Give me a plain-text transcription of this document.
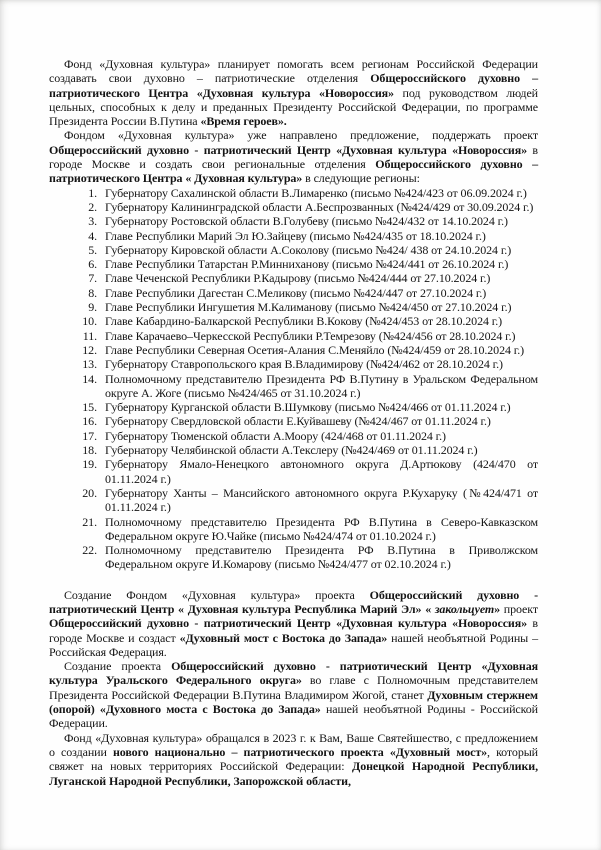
Фонд «Духовная культура» планирует помогать всем регионам Российской Федерации создавать свои духовно – патриотические отделения Общероссийского духовно – патриотического Центра «Духовная культура «Новороссия» под руководством людей цельных, способных к делу и преданных Президенту Российской Федерации, по программе Президента России В.Путина «Время героев».
Фондом «Духовная культура» уже направлено предложение, поддержать проект Общероссийский духовно - патриотический Центр «Духовная культура «Новороссия» в городе Москве и создать свои региональные отделения Общероссийского духовно – патриотического Центра « Духовная культура» в следующие регионы:
Губернатору Сахалинской области В.Лимаренко (письмо №424/423 от 06.09.2024 г.)
Губернатору Калининградской области А.Беспрозванных (№424/429 от 30.09.2024 г.)
Губернатору Ростовской области В.Голубеву (письмо №424/432 от 14.10.2024 г.)
Главе Республики Марий Эл Ю.Зайцеву (письмо №424/435 от 18.10.2024 г.)
Губернатору Кировской области А.Соколову (письмо №424/ 438 от 24.10.2024 г.)
Главе Республики Татарстан Р.Минниханову (письмо №424/441 от 26.10.2024 г.)
Главе Чеченской Республики Р.Кадырову (письмо №424/444 от 27.10.2024 г.)
Главе Республики Дагестан С.Меликову (письмо №424/447 от 27.10.2024 г.)
Главе Республики Ингушетия М.Калиманову (письмо №424/450 от 27.10.2024 г.)
Главе Кабардино-Балкарской Республики В.Кокову (№424/453 от 28.10.2024 г.)
Главе Карачаево–Черкесской Республики Р.Темрезову (№424/456 от 28.10.2024 г.)
Главе Республики Северная Осетия-Алания С.Меняйло (№424/459 от 28.10.2024 г.)
Губернатору Ставропольского края В.Владимирову (№424/462 от 28.10.2024 г.)
Полномочному представителю Президента РФ В.Путину в Уральском Федеральном округе А. Жоге (письмо №424/465 от 31.10.2024 г.)
Губернатору Курганской области В.Шумкову (письмо №424/466 от 01.11.2024 г.)
Губернатору Свердловской области Е.Куйвашеву (№424/467 от 01.11.2024 г.)
Губернатору Тюменской области А.Моору (424/468 от 01.11.2024 г.)
Губернатору Челябинской области А.Текслеру (№424/469 от 01.11.2024 г.)
Губернатору Ямало-Ненецкого автономного округа Д.Артюкову (424/470 от 01.11.2024 г.)
Губернатору Ханты – Мансийского автономного округа Р.Кухаруку (№424/471 от 01.11.2024 г.)
Полномочному представителю Президента РФ В.Путина в Северо-Кавказском Федеральном округе Ю.Чайке (письмо №424/474 от 01.10.2024 г.)
Полномочному представителю Президента РФ В.Путина в Приволжском Федеральном округе И.Комарову (письмо №424/477 от 02.10.2024 г.)
Создание Фондом «Духовная культура» проекта Общероссийский духовно - патриотический Центр « Духовная культура Республика Марий Эл» « закольцует» проект Общероссийский духовно - патриотический Центр «Духовная культура «Новороссия» в городе Москве и создаст «Духовный мост с Востока до Запада» нашей необъятной Родины – Российская Федерация.
Создание проекта Общероссийский духовно - патриотический Центр «Духовная культура Уральского Федерального округа» во главе с Полномочным представителем Президента Российской Федерации В.Путина Владимиром Жогой, станет Духовным стержнем (опорой) «Духовного моста с Востока до Запада» нашей необъятной Родины - Российской Федерации.
Фонд «Духовная культура» обращался в 2023 г. к Вам, Ваше Святейшество, с предложением о создании нового национально – патриотического проекта «Духовный мост», который свяжет на новых территориях Российской Федерации: Донецкой Народной Республики, Луганской Народной Республики, Запорожской области,
